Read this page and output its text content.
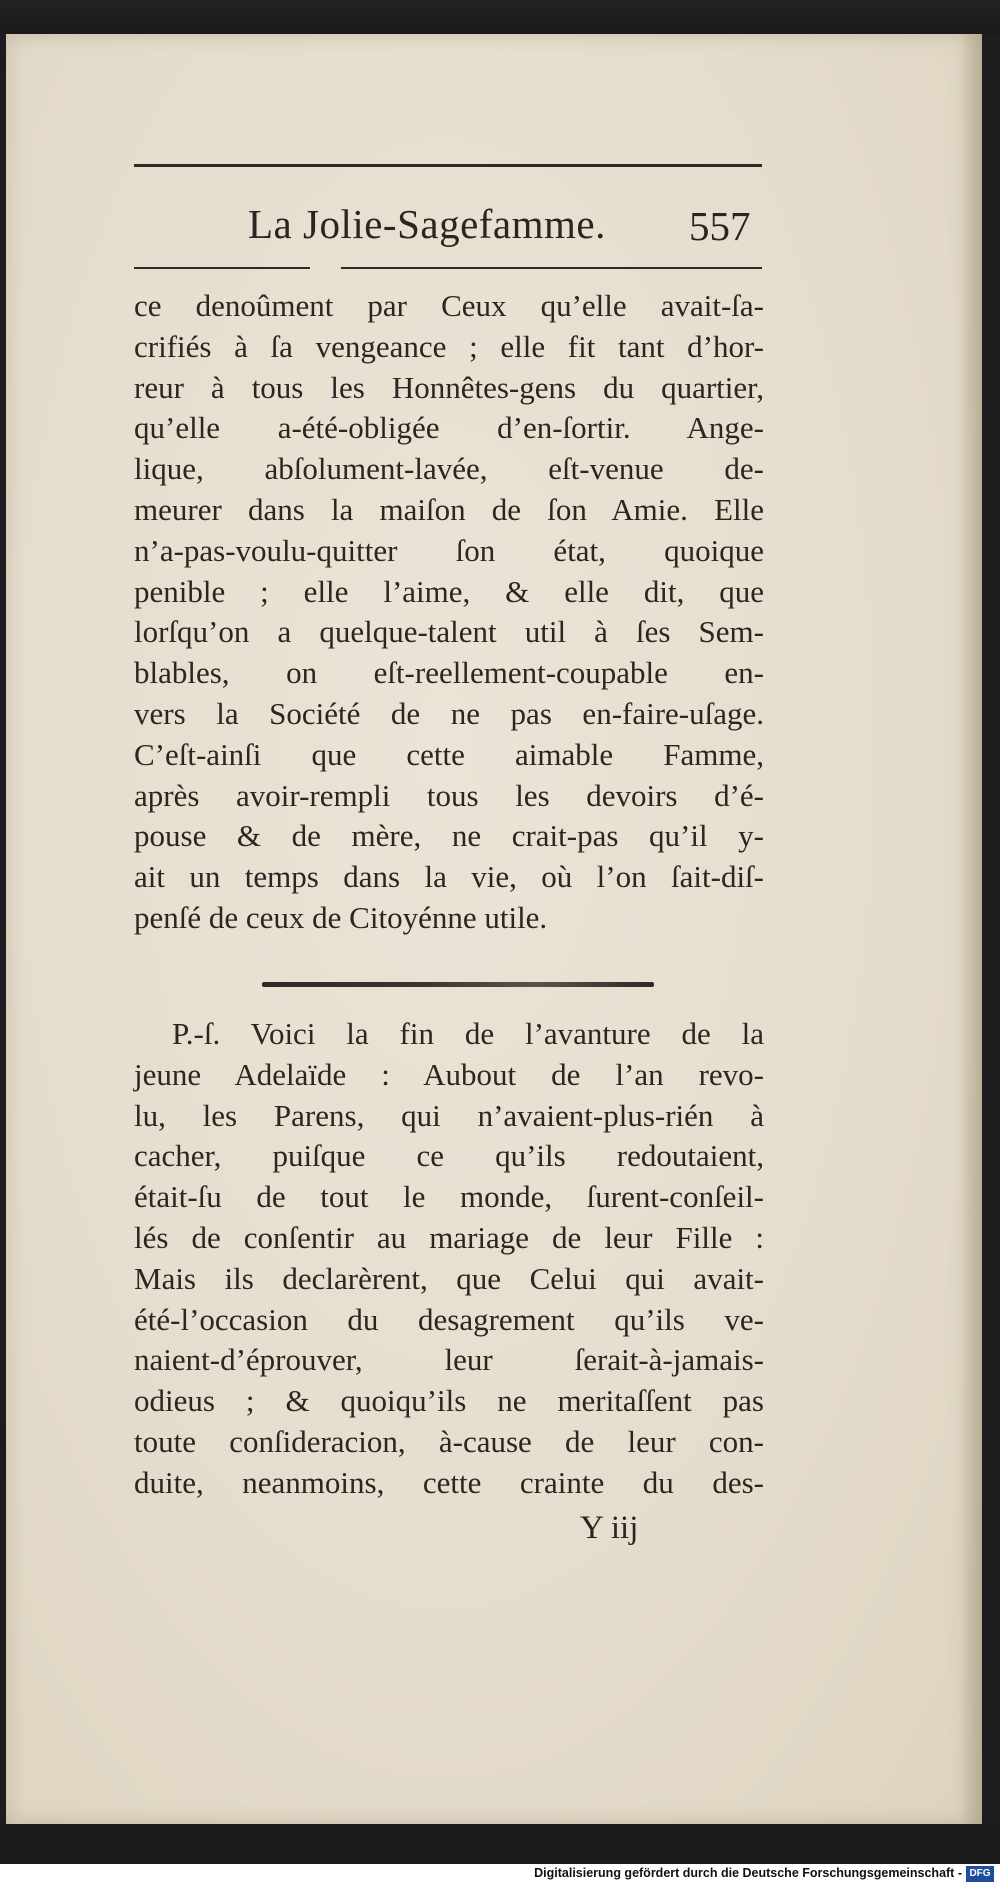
La Jolie-Sagefamme. 557
ce denoûment par Ceux qu’elle avait-ſa-
crifiés à ſa vengeance ; elle fit tant d’hor-
reur à tous les Honnêtes-gens du quartier,
qu’elle a-été-obligée d’en-ſortir. Ange-
lique, abſolument-lavée, eſt-venue de-
meurer dans la maiſon de ſon Amie. Elle
n’a-pas-voulu-quitter ſon état, quoique
penible ; elle l’aime, & elle dit, que
lorſqu’on a quelque-talent util à ſes Sem-
blables, on eſt-reellement-coupable en-
vers la Société de ne pas en-faire-uſage.
C’eſt-ainſi que cette aimable Famme,
après avoir-rempli tous les devoirs d’é-
pouse & de mère, ne crait-pas qu’il y-
ait un temps dans la vie, où l’on ſait-diſ-
penſé de ceux de Citoyénne utile.
P.-ſ. Voici la fin de l’avanture de la
jeune Adelaïde : Aubout de l’an revo-
lu, les Parens, qui n’avaient-plus-rién à
cacher, puiſque ce qu’ils redoutaient,
était-ſu de tout le monde, ſurent-conſeil-
lés de conſentir au mariage de leur Fille :
Mais ils declarèrent, que Celui qui avait-
été-l’occasion du desagrement qu’ils ve-
naient-d’éprouver, leur ſerait-à-jamais-
odieus ; & quoiqu’ils ne meritaſſent pas
toute conſideracion, à-cause de leur con-
duite, neanmoins, cette crainte du des-
Y iij
Digitalisierung gefördert durch die Deutsche Forschungsgemeinschaft - DFG
